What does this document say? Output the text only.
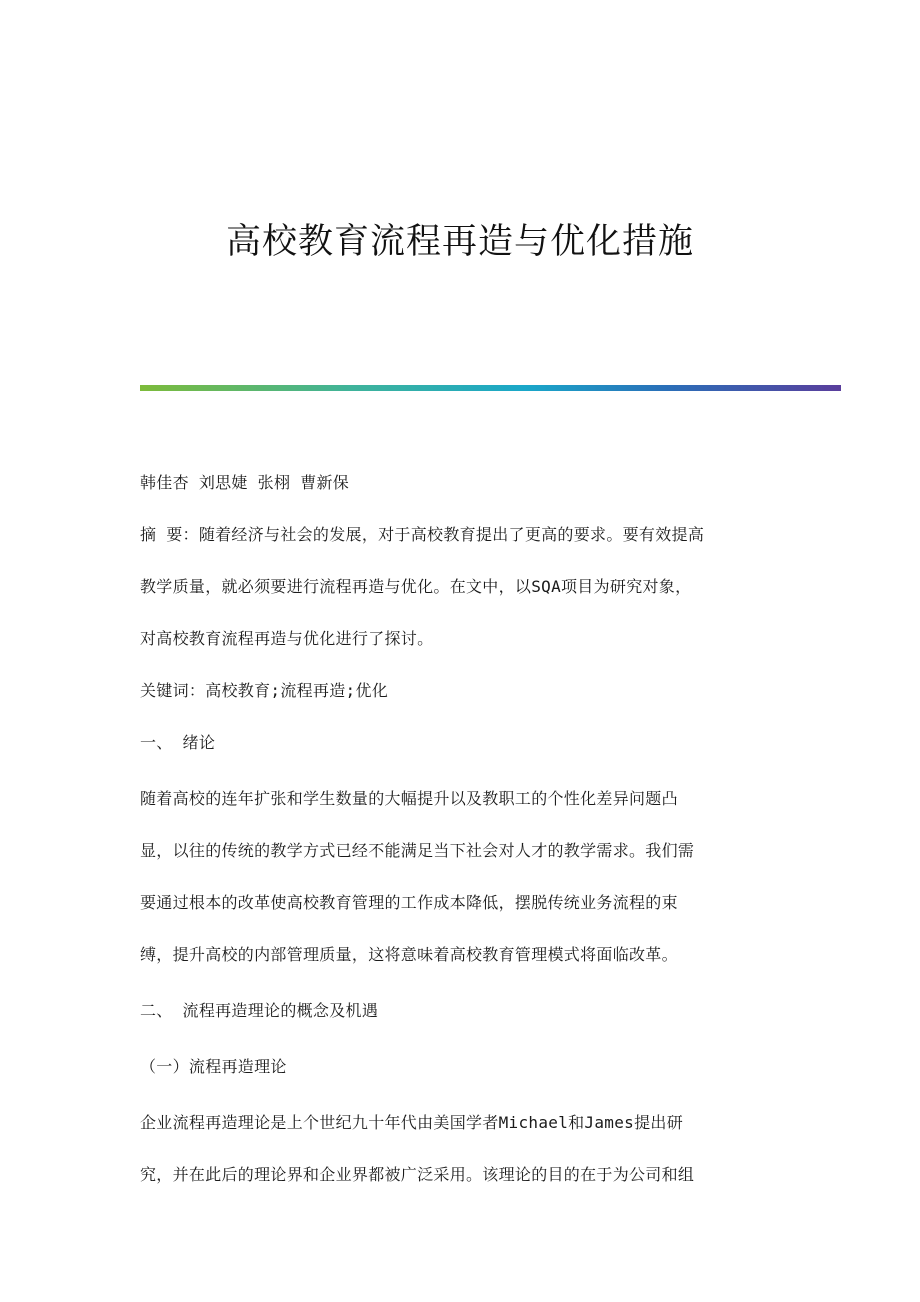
高校教育流程再造与优化措施

韩佳杏 刘思婕 张栩 曹新保

摘 要：随着经济与社会的发展，对于高校教育提出了更高的要求。要有效提高

教学质量，就必须要进行流程再造与优化。在文中，以SQA项目为研究对象，

对高校教育流程再造与优化进行了探讨。

关键词：高校教育;流程再造;优化

一、 绪论

随着高校的连年扩张和学生数量的大幅提升以及教职工的个性化差异问题凸

显，以往的传统的教学方式已经不能满足当下社会对人才的教学需求。我们需

要通过根本的改革使高校教育管理的工作成本降低，摆脱传统业务流程的束

缚，提升高校的内部管理质量，这将意味着高校教育管理模式将面临改革。

二、 流程再造理论的概念及机遇

（一）流程再造理论

企业流程再造理论是上个世纪九十年代由美国学者Michael和James提出研

究，并在此后的理论界和企业界都被广泛采用。该理论的目的在于为公司和组
